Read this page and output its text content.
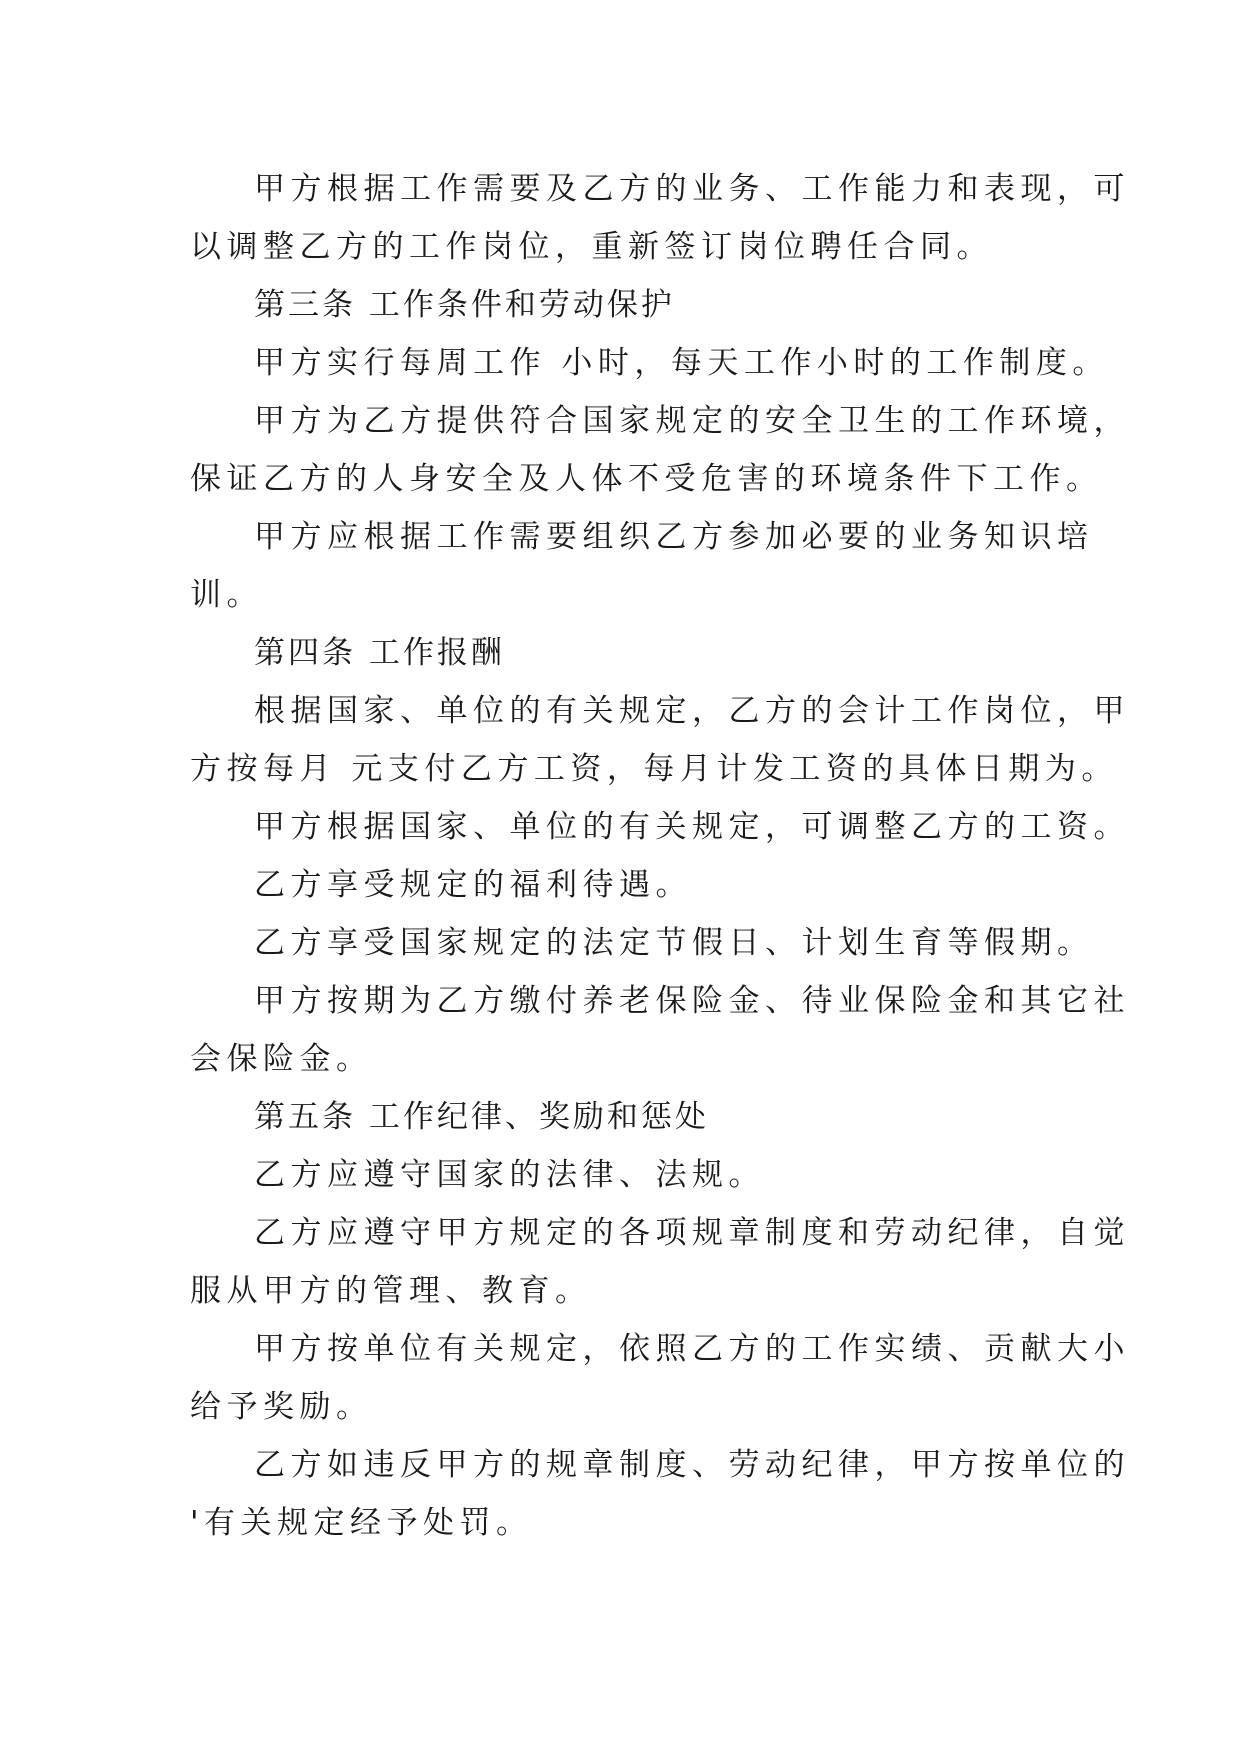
甲方根据工作需要及乙方的业务、工作能力和表现，可
以调整乙方的工作岗位，重新签订岗位聘任合同。

第三条 工作条件和劳动保护

甲方实行每周工作 小时，每天工作小时的工作制度。

甲方为乙方提供符合国家规定的安全卫生的工作环境，
保证乙方的人身安全及人体不受危害的环境条件下工作。

甲方应根据工作需要组织乙方参加必要的业务知识培
训。

第四条 工作报酬

根据国家、单位的有关规定，乙方的会计工作岗位，甲
方按每月 元支付乙方工资，每月计发工资的具体日期为。

甲方根据国家、单位的有关规定，可调整乙方的工资。

乙方享受规定的福利待遇。

乙方享受国家规定的法定节假日、计划生育等假期。

甲方按期为乙方缴付养老保险金、待业保险金和其它社
会保险金。

第五条 工作纪律、奖励和惩处

乙方应遵守国家的法律、法规。

乙方应遵守甲方规定的各项规章制度和劳动纪律，自觉
服从甲方的管理、教育。

甲方按单位有关规定，依照乙方的工作实绩、贡献大小
给予奖励。

乙方如违反甲方的规章制度、劳动纪律，甲方按单位的
'有关规定经予处罚。
